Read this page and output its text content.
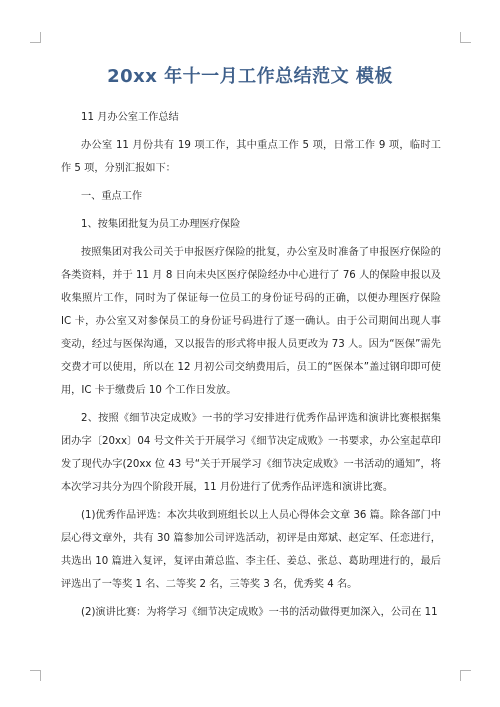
20xx 年十一月工作总结范文 模板

11 月办公室工作总结

办公室 11 月份共有 19 项工作，其中重点工作 5 项，日常工作 9 项，临时工作 5 项，分别汇报如下：

一、重点工作

1、按集团批复为员工办理医疗保险

按照集团对我公司关于申报医疗保险的批复，办公室及时准备了申报医疗保险的各类资料，并于 11 月 8 日向未央区医疗保险经办中心进行了 76 人的保险申报以及收集照片工作，同时为了保证每一位员工的身份证号码的正确，以便办理医疗保险 IC 卡，办公室又对参保员工的身份证号码进行了逐一确认。由于公司期间出现人事变动，经过与医保沟通，又以报告的形式将申报人员更改为 73 人。因为“医保”需先交费才可以使用，所以在 12 月初公司交纳费用后，员工的“医保本”盖过钢印即可使用，IC 卡于缴费后 10 个工作日发放。

2、按照《细节决定成败》一书的学习安排进行优秀作品评选和演讲比赛根据集团办字〔20xx〕04 号文件关于开展学习《细节决定成败》一书要求，办公室起草印发了现代办字(20xx 位 43 号“关于开展学习《细节决定成败》一书活动的通知”，将本次学习共分为四个阶段开展，11 月份进行了优秀作品评选和演讲比赛。

(1)优秀作品评选：本次共收到班组长以上人员心得体会文章 36 篇。除各部门中层心得文章外，共有 30 篇参加公司评选活动，初评是由郑斌、赵定军、任恋进行，共选出 10 篇进入复评，复评由萧总监、李主任、姜总、张总、葛助理进行的，最后评选出了一等奖 1 名、二等奖 2 名，三等奖 3 名，优秀奖 4 名。

(2)演讲比赛：为将学习《细节决定成败》一书的活动做得更加深入，公司在 11
